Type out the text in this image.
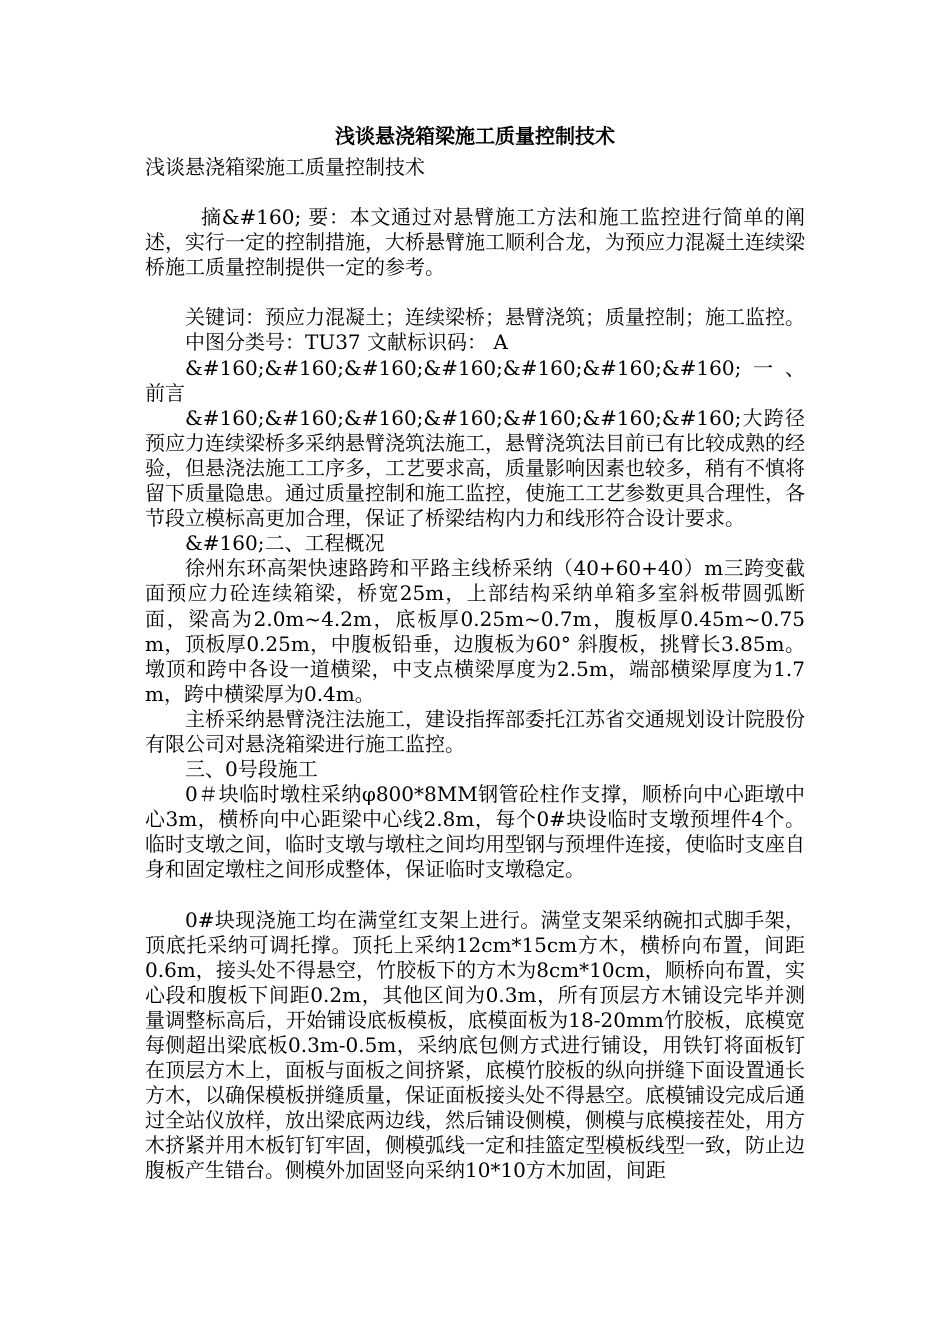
浅谈悬浇箱梁施工质量控制技术

浅谈悬浇箱梁施工质量控制技术

摘&#160; 要：本文通过对悬臂施工方法和施工监控进行简单的阐述，实行一定的控制措施，大桥悬臂施工顺利合龙，为预应力混凝土连续梁桥施工质量控制提供一定的参考。

关键词：预应力混凝土；连续梁桥；悬臂浇筑；质量控制；施工监控。

中图分类号：TU37 文献标识码： A

&#160;&#160;&#160;&#160;&#160;&#160;&#160;一、 前言

&#160;&#160;&#160;&#160;&#160;&#160;&#160;大跨径预应力连续梁桥多采纳悬臂浇筑法施工，悬臂浇筑法目前已有比较成熟的经验，但悬浇法施工工序多，工艺要求高，质量影响因素也较多，稍有不慎将留下质量隐患。通过质量控制和施工监控，使施工工艺参数更具合理性，各节段立模标高更加合理，保证了桥梁结构内力和线形符合设计要求。

&#160;二、工程概况

徐州东环高架快速路跨和平路主线桥采纳（40+60+40）m三跨变截面预应力砼连续箱梁，桥宽25m，上部结构采纳单箱多室斜板带圆弧断面，梁高为2.0m~4.2m，底板厚0.25m~0.7m，腹板厚0.45m~0.75m，顶板厚0.25m，中腹板铅垂，边腹板为60° 斜腹板，挑臂长3.85m。墩顶和跨中各设一道横梁，中支点横梁厚度为2.5m，端部横梁厚度为1.7m，跨中横梁厚为0.4m。

主桥采纳悬臂浇注法施工，建设指挥部委托江苏省交通规划设计院股份有限公司对悬浇箱梁进行施工监控。

三、0号段施工

0＃块临时墩柱采纳φ800*8MM钢管砼柱作支撑，顺桥向中心距墩中心3m，横桥向中心距梁中心线2.8m，每个0#块设临时支墩预埋件4个。临时支墩之间，临时支墩与墩柱之间均用型钢与预埋件连接，使临时支座自身和固定墩柱之间形成整体，保证临时支墩稳定。

0#块现浇施工均在满堂红支架上进行。满堂支架采纳碗扣式脚手架，顶底托采纳可调托撑。顶托上采纳12cm*15cm方木，横桥向布置，间距0.6m，接头处不得悬空，竹胶板下的方木为8cm*10cm，顺桥向布置，实心段和腹板下间距0.2m，其他区间为0.3m，所有顶层方木铺设完毕并测量调整标高后，开始铺设底板模板，底模面板为18-20mm竹胶板，底模宽每侧超出梁底板0.3m-0.5m，采纳底包侧方式进行铺设，用铁钉将面板钉在顶层方木上，面板与面板之间挤紧，底模竹胶板的纵向拼缝下面设置通长方木，以确保模板拼缝质量，保证面板接头处不得悬空。底模铺设完成后通过全站仪放样，放出梁底两边线，然后铺设侧模，侧模与底模接茬处，用方木挤紧并用木板钉钉牢固，侧模弧线一定和挂篮定型模板线型一致，防止边腹板产生错台。侧模外加固竖向采纳10*10方木加固，间距
